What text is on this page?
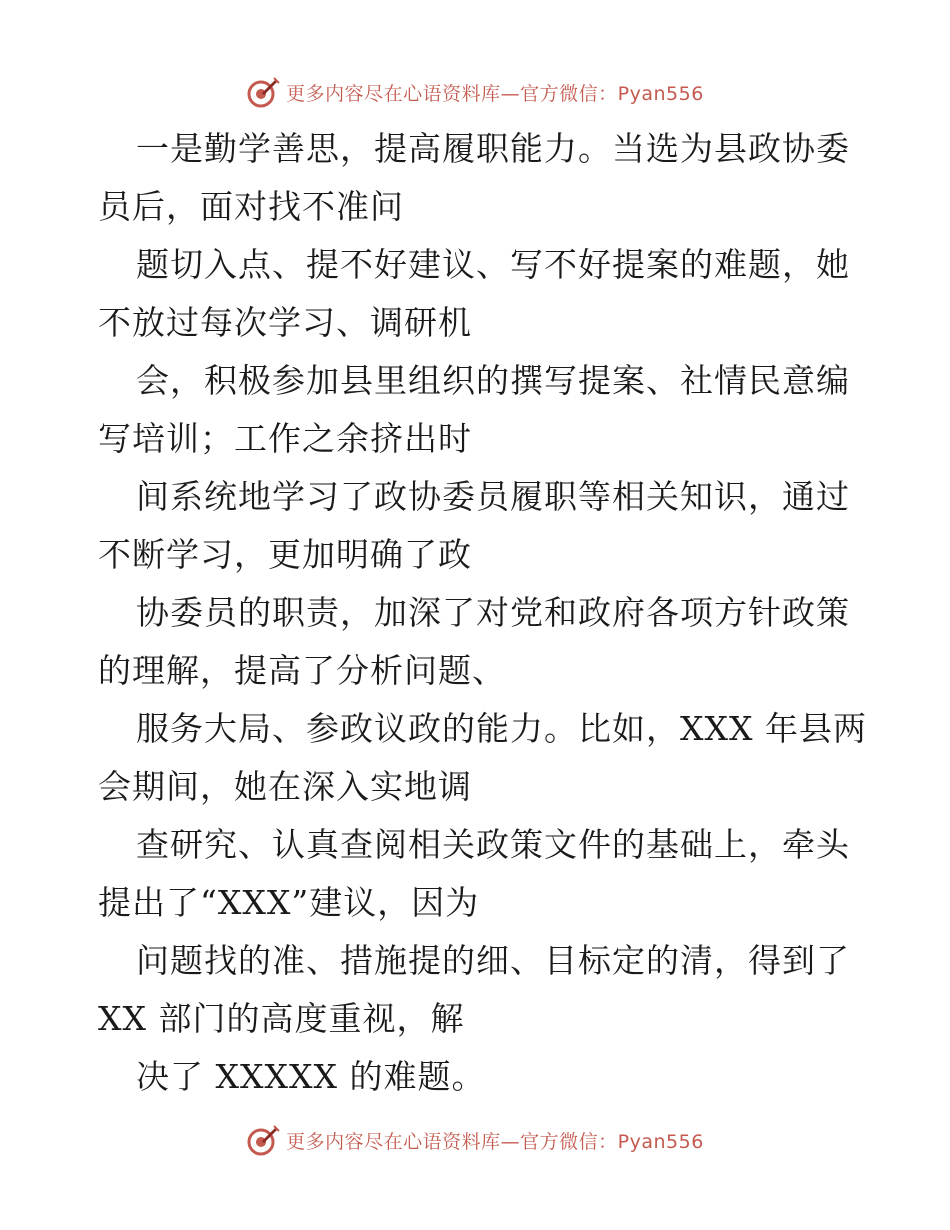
更多内容尽在心语资料库—官方微信：Pyan556
一是勤学善思，提高履职能力。当选为县政协委
员后，面对找不准问
题切入点、提不好建议、写不好提案的难题，她
不放过每次学习、调研机
会，积极参加县里组织的撰写提案、社情民意编
写培训；工作之余挤出时
间系统地学习了政协委员履职等相关知识，通过
不断学习，更加明确了政
协委员的职责，加深了对党和政府各项方针政策
的理解，提高了分析问题、
服务大局、参政议政的能力。比如，XXX 年县两
会期间，她在深入实地调
查研究、认真查阅相关政策文件的基础上，牵头
提出了“XXX”建议，因为
问题找的准、措施提的细、目标定的清，得到了
XX 部门的高度重视，解
决了 XXXXX 的难题。
更多内容尽在心语资料库—官方微信：Pyan556
